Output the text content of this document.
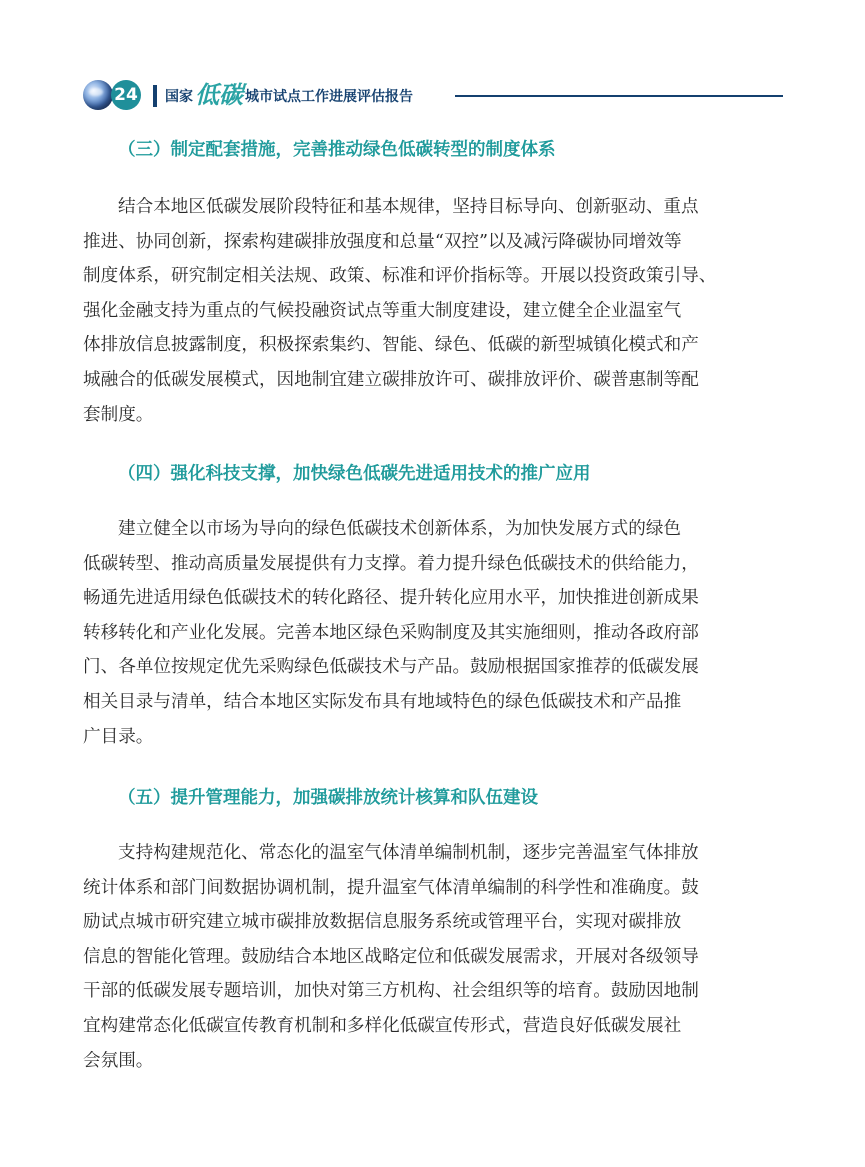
24 国家 低碳 城市试点工作进展评估报告
（三）制定配套措施，完善推动绿色低碳转型的制度体系
结合本地区低碳发展阶段特征和基本规律，坚持目标导向、创新驱动、重点
推进、协同创新，探索构建碳排放强度和总量“双控”以及减污降碳协同增效等
制度体系，研究制定相关法规、政策、标准和评价指标等。开展以投资政策引导、
强化金融支持为重点的气候投融资试点等重大制度建设，建立健全企业温室气
体排放信息披露制度，积极探索集约、智能、绿色、低碳的新型城镇化模式和产
城融合的低碳发展模式，因地制宜建立碳排放许可、碳排放评价、碳普惠制等配
套制度。
（四）强化科技支撑，加快绿色低碳先进适用技术的推广应用
建立健全以市场为导向的绿色低碳技术创新体系，为加快发展方式的绿色
低碳转型、推动高质量发展提供有力支撑。着力提升绿色低碳技术的供给能力，
畅通先进适用绿色低碳技术的转化路径、提升转化应用水平，加快推进创新成果
转移转化和产业化发展。完善本地区绿色采购制度及其实施细则，推动各政府部
门、各单位按规定优先采购绿色低碳技术与产品。鼓励根据国家推荐的低碳发展
相关目录与清单，结合本地区实际发布具有地域特色的绿色低碳技术和产品推
广目录。
（五）提升管理能力，加强碳排放统计核算和队伍建设
支持构建规范化、常态化的温室气体清单编制机制，逐步完善温室气体排放
统计体系和部门间数据协调机制，提升温室气体清单编制的科学性和准确度。鼓
励试点城市研究建立城市碳排放数据信息服务系统或管理平台，实现对碳排放
信息的智能化管理。鼓励结合本地区战略定位和低碳发展需求，开展对各级领导
干部的低碳发展专题培训，加快对第三方机构、社会组织等的培育。鼓励因地制
宜构建常态化低碳宣传教育机制和多样化低碳宣传形式，营造良好低碳发展社
会氛围。
